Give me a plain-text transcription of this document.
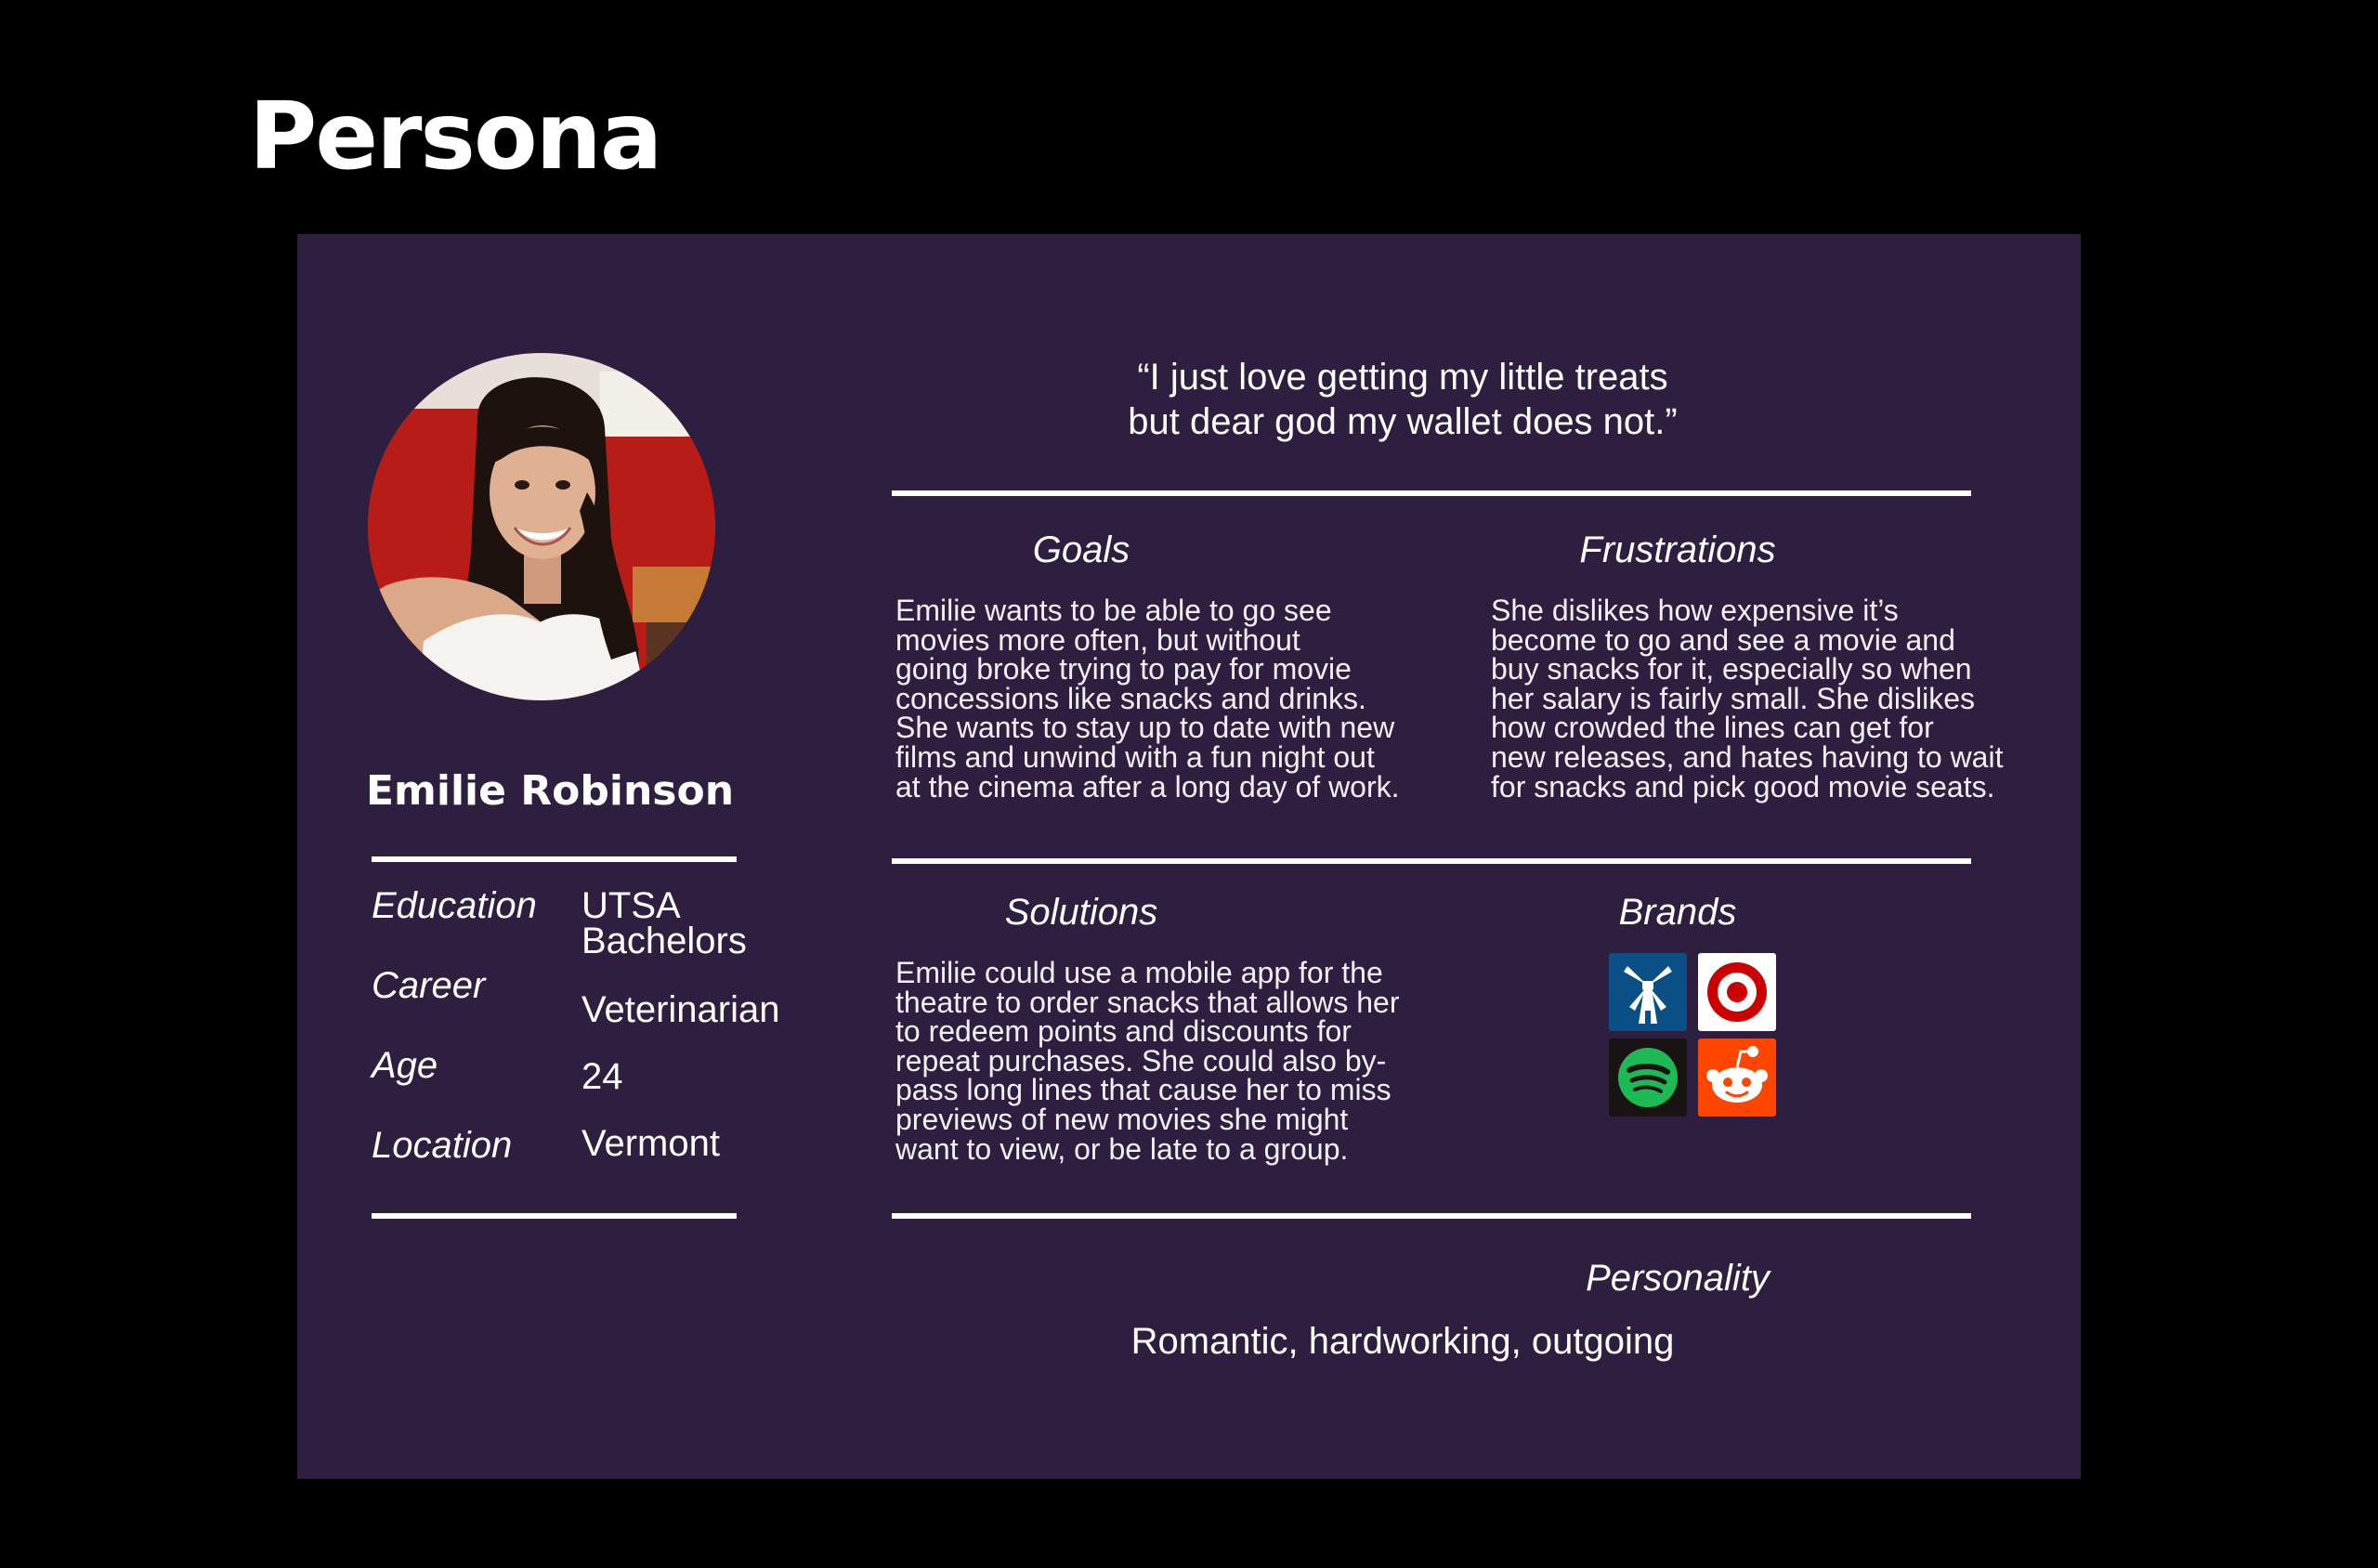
Persona
Emilie Robinson
Education UTSA
Bachelors
Career
Veterinarian
Age	24
Location Vermont
“I just love getting my little treats
but dear god my wallet does not.”
Goals
Emilie wants to be able to go see
movies more often, but without
going broke trying to pay for movie
concessions like snacks and drinks.
She wants to stay up to date with new
films and unwind with a fun night out
at the cinema after a long day of work.
Frustrations
She dislikes how expensive it’s
become to go and see a movie and
buy snacks for it, especially so when
her salary is fairly small. She dislikes
how crowded the lines can get for
new releases, and hates having to wait
for snacks and pick good movie seats.
Solutions
Emilie could use a mobile app for the
theatre to order snacks that allows her
to redeem points and discounts for
repeat purchases. She could also by-
pass long lines that cause her to miss
previews of new movies she might
want to view, or be late to a group.
Brands
Personality
Romantic, hardworking, outgoing
